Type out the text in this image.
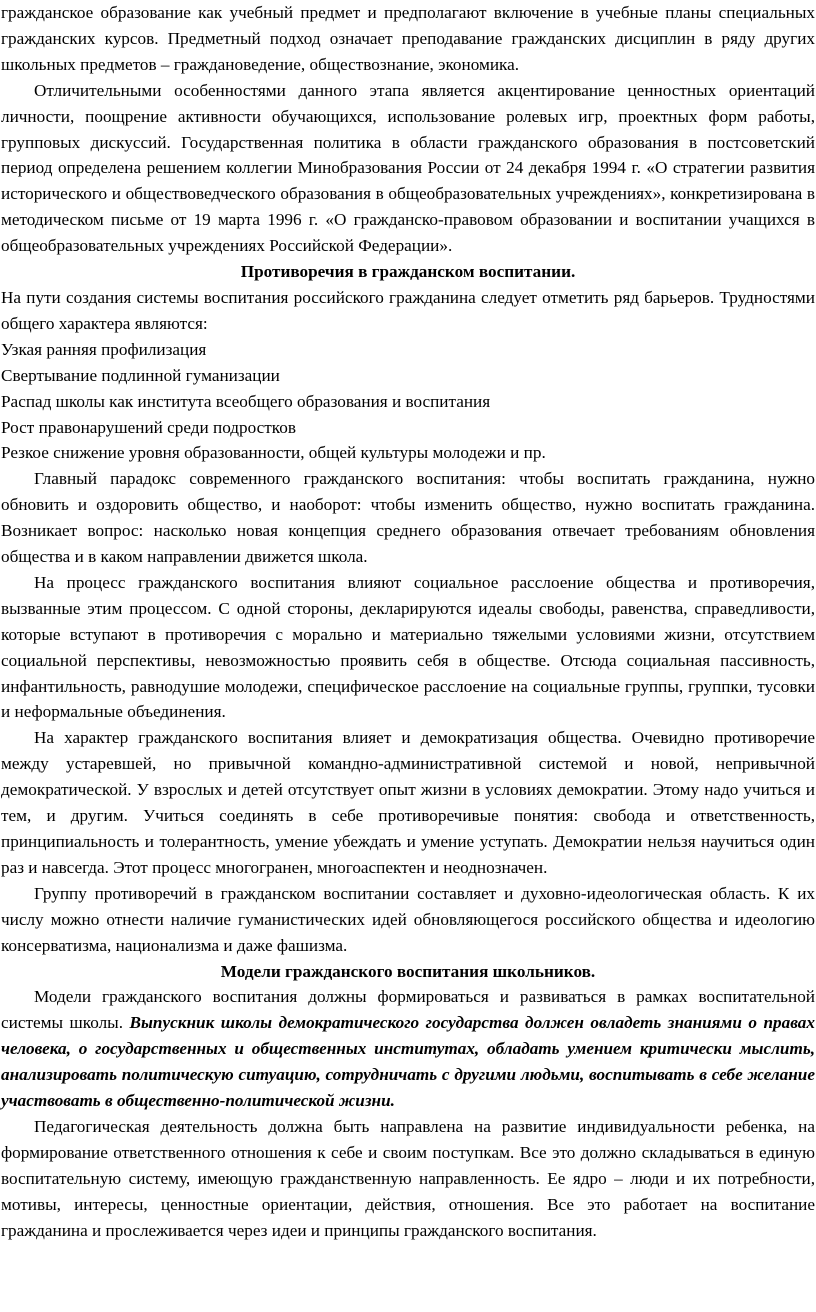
гражданское образование как учебный предмет и предполагают включение в учебные планы специальных гражданских курсов. Предметный подход означает преподавание гражданских дисциплин в ряду других школьных предметов – граждановедение, обществознание, экономика.

Отличительными особенностями данного этапа является акцентирование ценностных ориентаций личности, поощрение активности обучающихся, использование ролевых игр, проектных форм работы, групповых дискуссий. Государственная политика в области гражданского образования в постсоветский период определена решением коллегии Минобразования России от 24 декабря 1994 г. «О стратегии развития исторического и обществоведческого образования в общеобразовательных учреждениях», конкретизирована в методическом письме от 19 марта 1996 г. «О гражданско-правовом образовании и воспитании учащихся в общеобразовательных учреждениях Российской Федерации».

Противоречия в гражданском воспитании.

На пути создания системы воспитания российского гражданина следует отметить ряд барьеров. Трудностями общего характера являются:

Узкая ранняя профилизация

Свертывание подлинной гуманизации

Распад школы как института всеобщего образования и воспитания

Рост правонарушений среди подростков

Резкое снижение уровня образованности, общей культуры молодежи и пр.

Главный парадокс современного гражданского воспитания: чтобы воспитать гражданина, нужно обновить и оздоровить общество, и наоборот: чтобы изменить общество, нужно воспитать гражданина. Возникает вопрос: насколько новая концепция среднего образования отвечает требованиям обновления общества и в каком направлении движется школа.

На процесс гражданского воспитания влияют социальное расслоение общества и противоречия, вызванные этим процессом. С одной стороны, декларируются идеалы свободы, равенства, справедливости, которые вступают в противоречия с морально и материально тяжелыми условиями жизни, отсутствием социальной перспективы, невозможностью проявить себя в обществе. Отсюда социальная пассивность, инфантильность, равнодушие молодежи, специфическое расслоение на социальные группы, группки, тусовки и неформальные объединения.

На характер гражданского воспитания влияет и демократизация общества. Очевидно противоречие между устаревшей, но привычной командно-административной системой и новой, непривычной демократической. У взрослых и детей отсутствует опыт жизни в условиях демократии. Этому надо учиться и тем, и другим. Учиться соединять в себе противоречивые понятия: свобода и ответственность, принципиальность и толерантность, умение убеждать и умение уступать. Демократии нельзя научиться один раз и навсегда. Этот процесс многогранен, многоаспектен и неоднозначен.

Группу противоречий в гражданском воспитании составляет и духовно-идеологическая область. К их числу можно отнести наличие гуманистических идей обновляющегося российского общества и идеологию консерватизма, национализма и даже фашизма.

Модели гражданского воспитания школьников.

Модели гражданского воспитания должны формироваться и развиваться в рамках воспитательной системы школы. Выпускник школы демократического государства должен овладеть знаниями о правах человека, о государственных и общественных институтах, обладать умением критически мыслить, анализировать политическую ситуацию, сотрудничать с другими людьми, воспитывать в себе желание участвовать в общественно-политической жизни.

Педагогическая деятельность должна быть направлена на развитие индивидуальности ребенка, на формирование ответственного отношения к себе и своим поступкам. Все это должно складываться в единую воспитательную систему, имеющую гражданственную направленность. Ее ядро – люди и их потребности, мотивы, интересы, ценностные ориентации, действия, отношения. Все это работает на воспитание гражданина и прослеживается через идеи и принципы гражданского воспитания.
